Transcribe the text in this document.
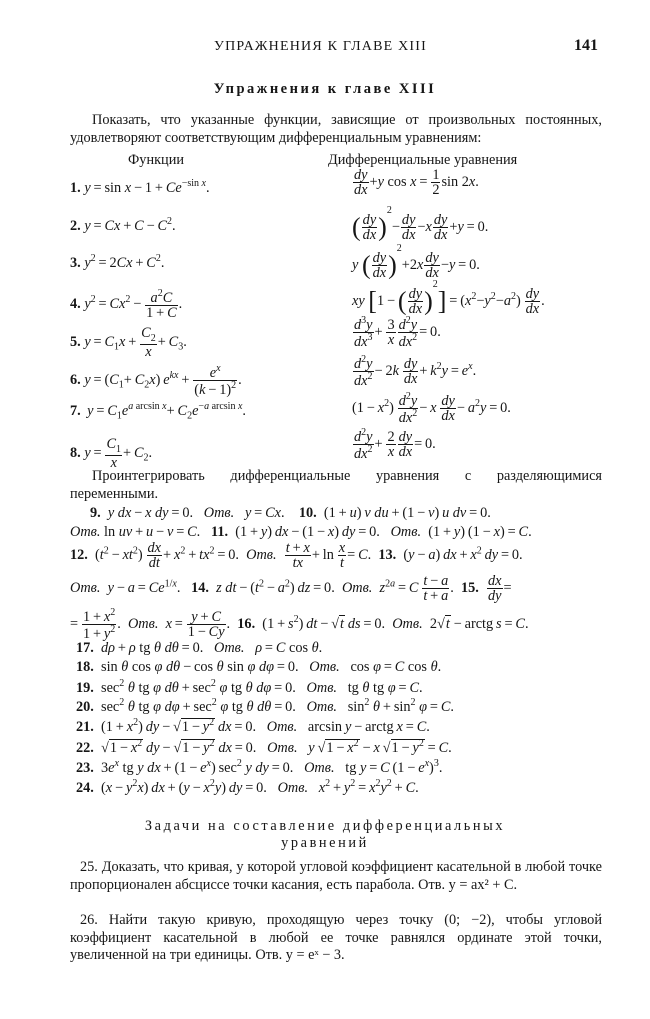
УПРАЖНЕНИЯ К ГЛАВЕ XIII	141
Упражнения к главе XIII
Показать, что указанные функции, зависящие от произвольных постоянных, удовлетворяют соответствующим дифференциальным уравнениям:
Функции	Дифференциальные уравнения
1. $y = \sin x - 1 + Ce^{-sin x}$.	$\frac{dy}{dx} +y$ $\cos x = \frac{1}{2}$ sin 2x.
2. $y = Cx + C - C^2$.	( $\frac{dy}{dx} )^2- \frac{dy}{dx} -x \frac{dy}{dx} +y = 0$.
3. $y^2 = 2Cx + C^2$.	y ( $\frac{dy}{dx} )^2+2x \frac{dy}{dx} -y = 0$.
4. $y^2 = Cx^2 - \frac{a^2C}{1 + C}$ .	xy [1 − ( $\frac{dy}{dx} )^2] = (x^2-y^2-a^2) \frac{dy}{dx}$ .
5. $y = C_1x + \frac{C_2}{x} + C_3$.	$\frac{d^3y}{dx^3} + \frac{3}{x} \frac{d^2y}{dx^2} = 0$.
6. $y = (C_1+ C_2x) e^{kx} + \frac{e^x}{(k - 1)^2}$ .	$\frac{d^2y}{dx^2} - 2k \frac{dy}{dx} + k^2y = e^x$.
7.   $y = C_1e^{a arcsin x}+ C_2e^{-a arcsin x}$.	$(1 - x^2) \frac{d^2y}{dx^2} - x \frac{dy}{dx} - a^2y = 0$.
8. $y = \frac{C_1}{x} + C_2$.	$\frac{d^2y}{dx^2} + \frac{2}{x} \frac{dy}{dx} = 0$.
Проинтегрировать дифференциальные уравнения с разделяющимися переменными.
9. y dx − x dy = 0.   Отв. y = Cx.    10.  (1 + u) v du + (1 − v) u dv = 0.
Отв. ln uv + u − v = C.   11.  (1 + y) dx − (1 − x) dy = 0.   Отв.  (1 + y) (1 − x) = C.
12.  $(t^2 - xt^2) \frac{dx}{dt} + x^2 + tx^2 = 0$.  Отв. $\frac{t + x}{tx} + \ln \frac{x}{t} = C$.  13.  (y − a) dx + $x^2$  dy = 0.
Отв. $y - a = Ce^{1/x}$.   14. z dt − $(t^2 - a^2)$ dz = 0.  Отв. $z^{2a} = C \frac{t - a}{t + a}$ .  15. $\frac{dx}{dy}$ =
=  $\frac{1 + x^2}{1 + y^2}$ .  Отв. $x = \frac{y + C}{1 - Cy}$ .  16.  $(1 + s^2)$ dt − √t  ds = 0.  Отв.  2√t − arctg s = C.
17. dρ + ρ tg θ dθ = 0.   Отв. ρ = C cos θ.
18.  sin θ cos φ dθ − cos θ sin φ dφ = 0.   Отв.   cos φ = C cos θ.
19.  $\sec^2 \theta$ tg φ $d\theta + \sec^2 \varphi$ tg θ dφ = 0.   Отв.   tg θ tg φ = C.
20.  $\sec^2 \theta$ tg φ $d\varphi + \sec^2 \varphi$ tg θ dθ = 0.   Отв.   $\sin^2 \theta + \sin^2 \varphi = C$.
21.  $(1 + x^2)$ dy − $√1 - y^2$  dx = 0.   Отв.   arcsin y − arctg x = C.
22.  $√1 - x^2$  dy − $√1 - y^2$  dx = 0.   Отв. y $√1 - x^2 - x$ $√1 - y^2 = C$.
23.  $3e^x$ tg y dx + $(1 - e^x)$ $\sec^2 y$ dy = 0.   Отв.   tg y = C $(1 - e^x)^3$.
24.  $(x - y^2x)$ dx + $(y - x^2y)$ dy = 0.   Отв. $x^2 + y^2 = x^2y^2 + C$.
Задачи на составление дифференциальных
уравнений
25. Доказать, что кривая, у которой угловой коэффициент касательной в любой точке пропорционален абсциссе точки касания, есть парабола. Отв. y = ax² + C.
26. Найти такую кривую, проходящую через точку (0; −2), чтобы угловой коэффициент касательной в любой ее точке равнялся ординате этой точки, увеличенной на три единицы. Отв. y = eˣ − 3.
